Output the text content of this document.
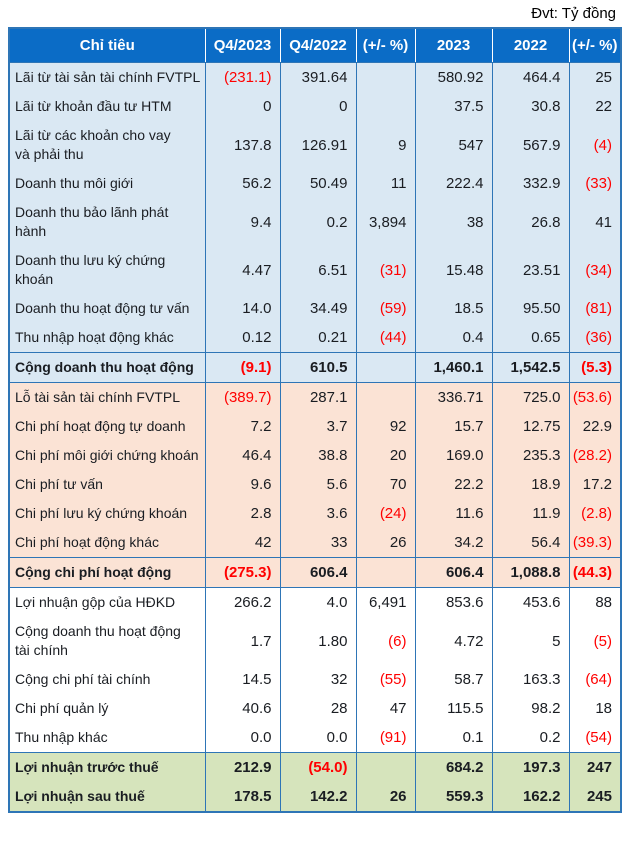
Đvt: Tỷ đồng
Chỉ tiêu	Q4/2023	Q4/2022	(+/- %)	2023	2022	(+/- %)
Lãi từ tài sản tài chính FVTPL	(231.1)	391.64		580.92	464.4	25
Lãi từ khoản đầu tư HTM	0	0		37.5	30.8	22
Lãi từ các khoản cho vay và phải thu	137.8	126.91	9	547	567.9	(4)
Doanh thu môi giới	56.2	50.49	11	222.4	332.9	(33)
Doanh thu bảo lãnh phát hành	9.4	0.2	3,894	38	26.8	41
Doanh thu lưu ký chứng khoán	4.47	6.51	(31)	15.48	23.51	(34)
Doanh thu hoạt động tư vấn	14.0	34.49	(59)	18.5	95.50	(81)
Thu nhập hoạt động khác	0.12	0.21	(44)	0.4	0.65	(36)
Cộng doanh thu hoạt động	(9.1)	610.5		1,460.1	1,542.5	(5.3)
Lỗ tài sản tài chính FVTPL	(389.7)	287.1		336.71	725.0	(53.6)
Chi phí hoạt động tự doanh	7.2	3.7	92	15.7	12.75	22.9
Chi phí môi giới chứng khoán	46.4	38.8	20	169.0	235.3	(28.2)
Chi phí tư vấn	9.6	5.6	70	22.2	18.9	17.2
Chi phí lưu ký chứng khoán	2.8	3.6	(24)	11.6	11.9	(2.8)
Chi phí hoạt động khác	42	33	26	34.2	56.4	(39.3)
Cộng chi phí hoạt động	(275.3)	606.4		606.4	1,088.8	(44.3)
Lợi nhuận gộp của HĐKD	266.2	4.0	6,491	853.6	453.6	88
Cộng doanh thu hoạt động tài chính	1.7	1.80	(6)	4.72	5	(5)
Cộng chi phí tài chính	14.5	32	(55)	58.7	163.3	(64)
Chi phí quản lý	40.6	28	47	115.5	98.2	18
Thu nhập khác	0.0	0.0	(91)	0.1	0.2	(54)
Lợi nhuận trước thuế	212.9	(54.0)		684.2	197.3	247
Lợi nhuận sau thuế	178.5	142.2	26	559.3	162.2	245
